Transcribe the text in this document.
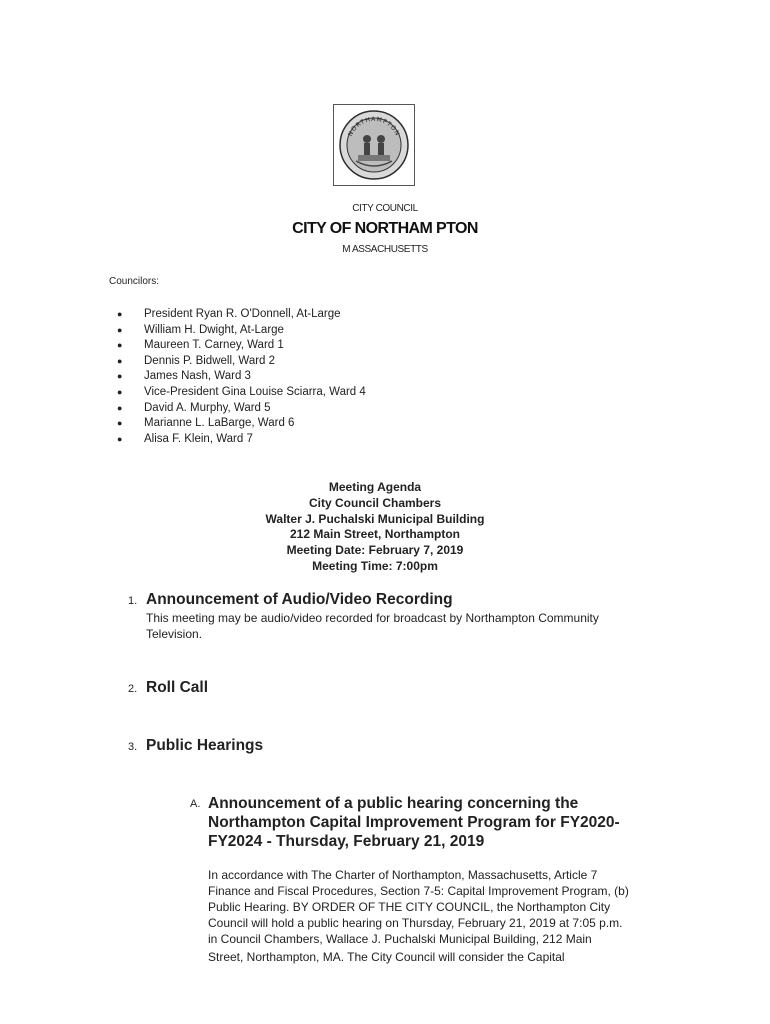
NORTHAMPTON
CITY COUNCIL
CITY OF NORTHAM PTON
M ASSACHUSETTS
Councilors:
● President Ryan R. O'Donnell, At-Large
● William H. Dwight, At-Large
● Maureen T. Carney, Ward 1
● Dennis P. Bidwell, Ward 2
● James Nash, Ward 3
● Vice-President Gina Louise Sciarra, Ward 4
● David A. Murphy, Ward 5
● Marianne L. LaBarge, Ward 6
● Alisa F. Klein, Ward 7
Meeting Agenda
City Council Chambers
Walter J. Puchalski Municipal Building
212 Main Street, Northampton
Meeting Date: February 7, 2019
Meeting Time: 7:00pm
1. Announcement of Audio/Video Recording
This meeting may be audio/video recorded for broadcast by Northampton Community
Television.
2. Roll Call
3. Public Hearings
A. Announcement of a public hearing concerning the
Northampton Capital Improvement Program for FY2020-
FY2024 - Thursday, February 21, 2019
In accordance with The Charter of Northampton, Massachusetts, Article 7
Finance and Fiscal Procedures, Section 7-5: Capital Improvement Program, (b)
Public Hearing. BY ORDER OF THE CITY COUNCIL, the Northampton City
Council will hold a public hearing on Thursday, February 21, 2019 at 7:05 p.m.
in Council Chambers, Wallace J. Puchalski Municipal Building, 212 Main
Street, Northampton, MA. The City Council will consider the Capital
